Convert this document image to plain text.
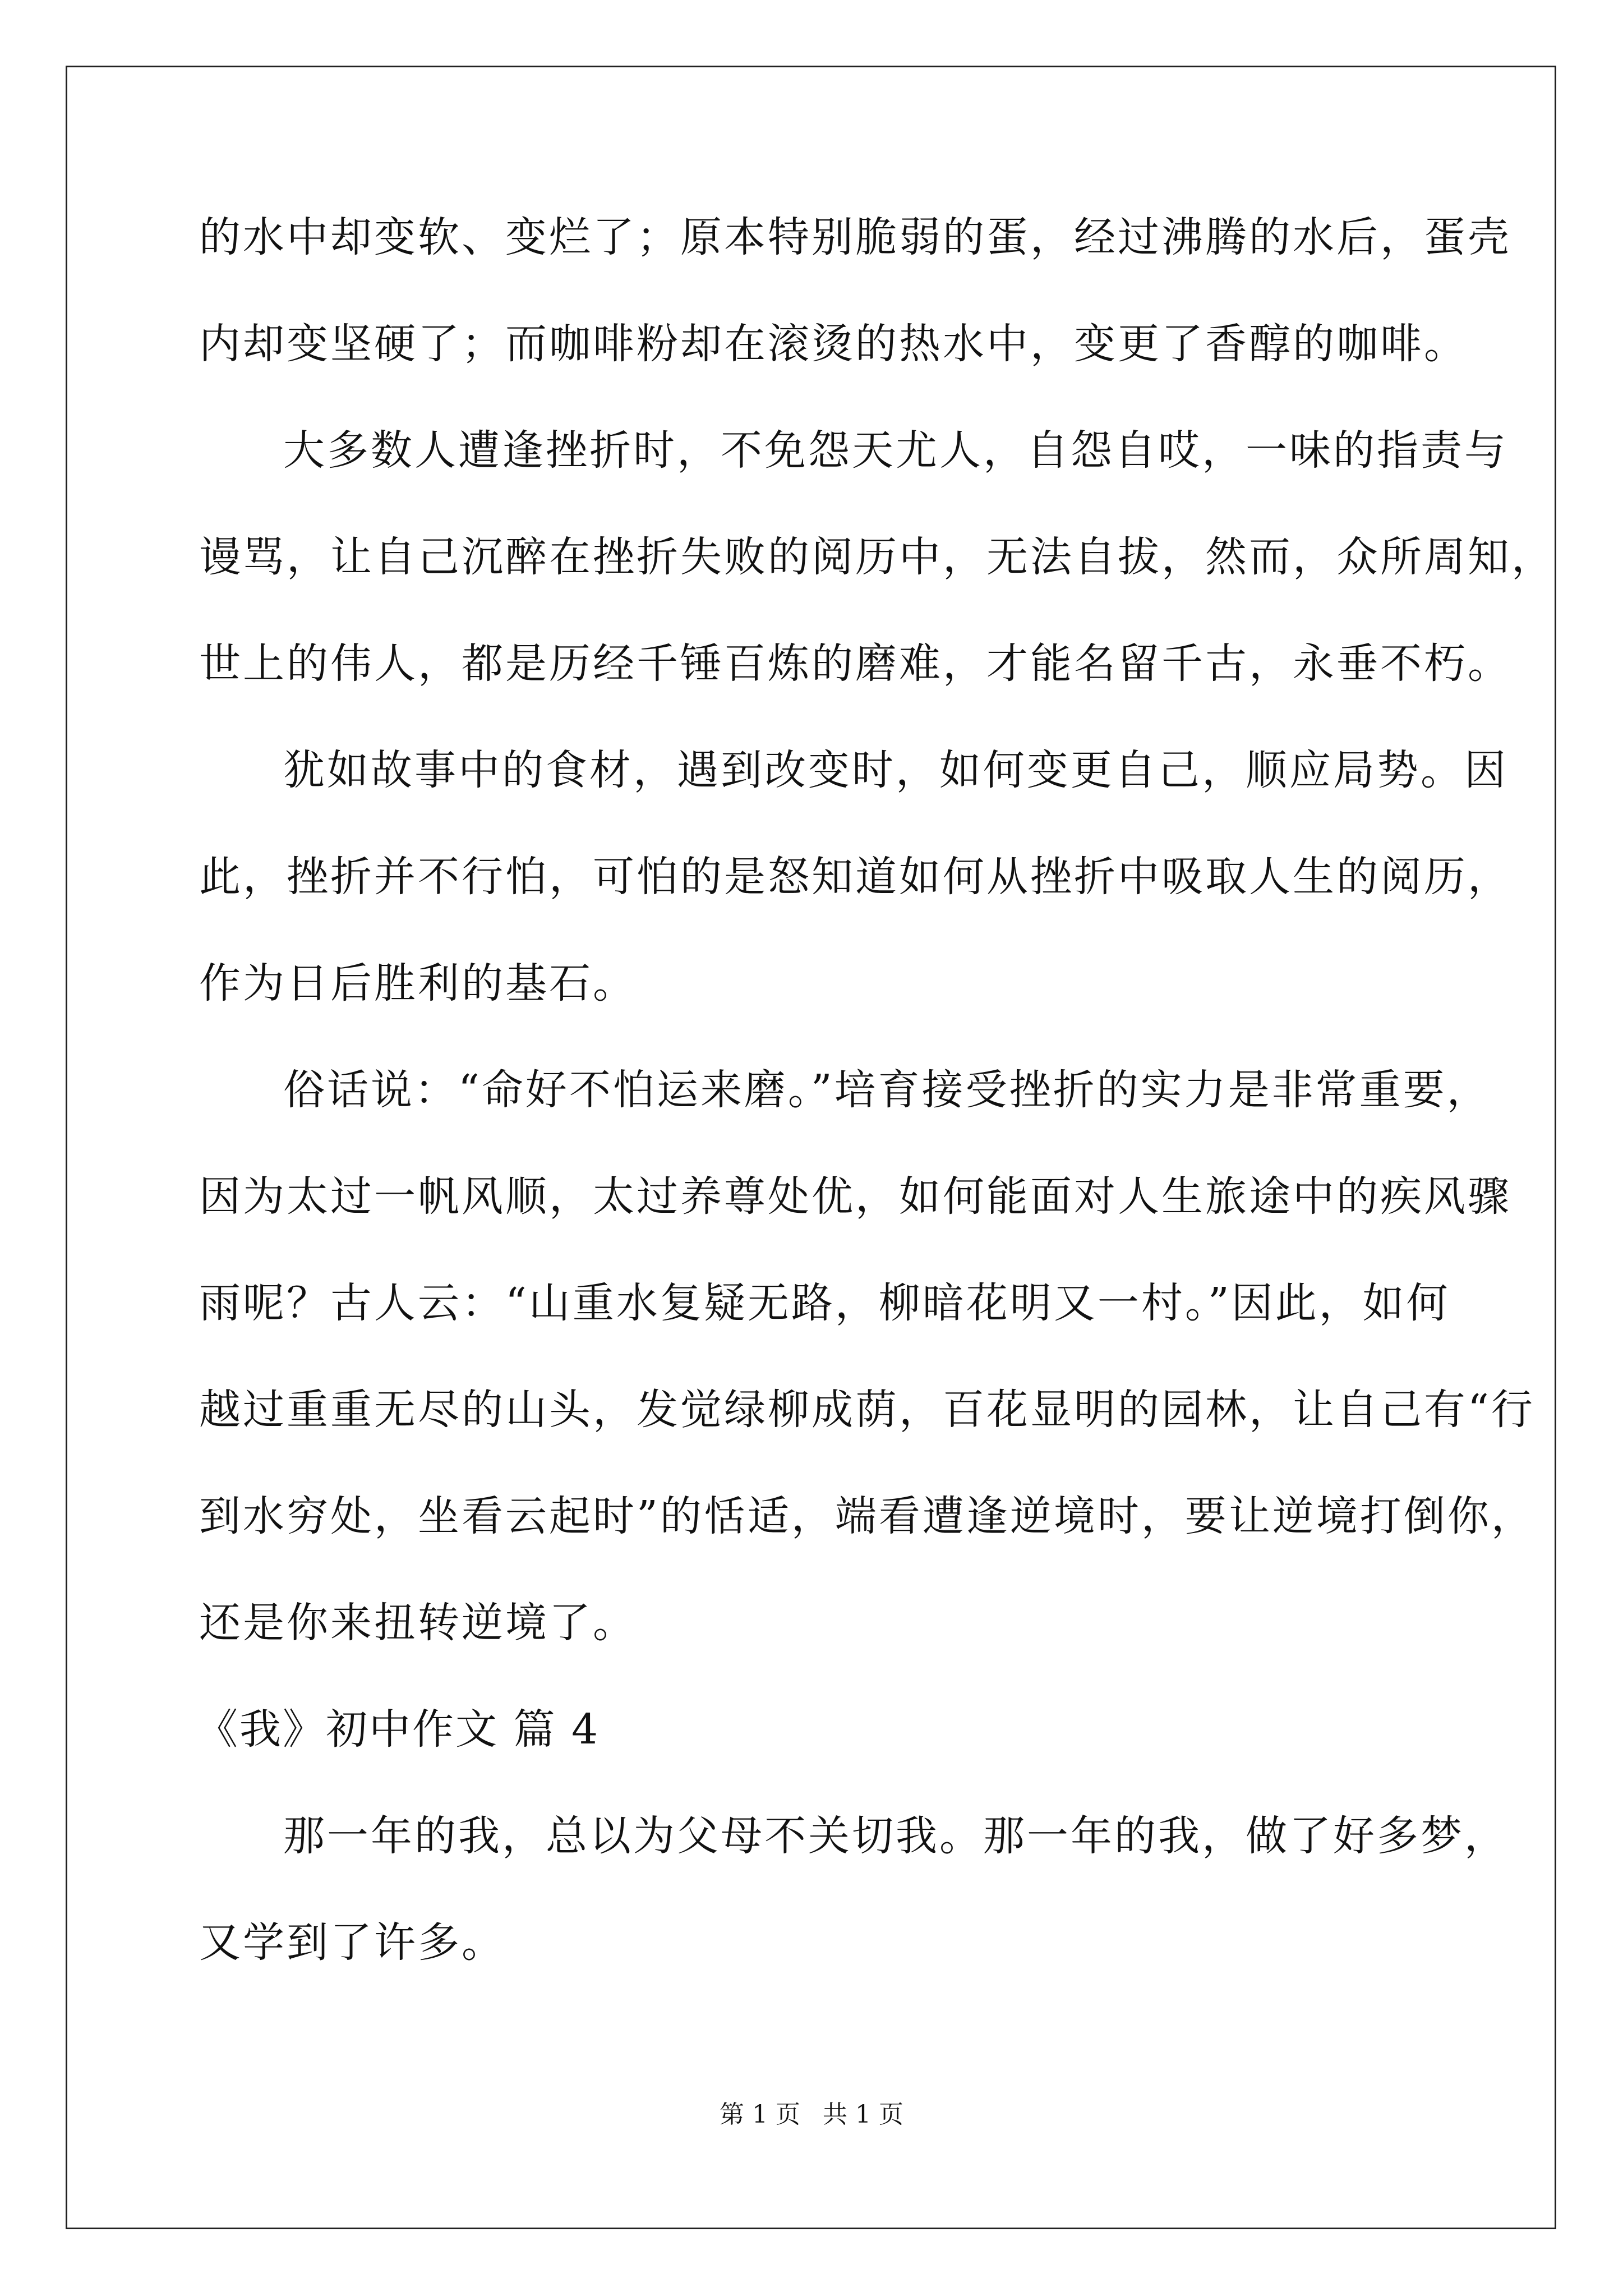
的水中却变软、变烂了；原本特别脆弱的蛋，经过沸腾的水后，蛋壳
内却变坚硬了；而咖啡粉却在滚烫的热水中，变更了香醇的咖啡。
大多数人遭逢挫折时，不免怨天尤人，自怨自哎，一味的指责与
谩骂，让自己沉醉在挫折失败的阅历中，无法自拔，然而，众所周知，
世上的伟人，都是历经千锤百炼的磨难，才能名留千古，永垂不朽。
犹如故事中的食材，遇到改变时，如何变更自己，顺应局势。因
此，挫折并不行怕，可怕的是怒知道如何从挫折中吸取人生的阅历，
作为日后胜利的基石。
俗话说：“命好不怕运来磨。”培育接受挫折的实力是非常重要，
因为太过一帆风顺，太过养尊处优，如何能面对人生旅途中的疾风骤
雨呢？古人云：“山重水复疑无路，柳暗花明又一村。”因此，如何
越过重重无尽的山头，发觉绿柳成荫，百花显明的园林，让自己有“行
到水穷处，坐看云起时”的恬适，端看遭逢逆境时，要让逆境打倒你，
还是你来扭转逆境了。
《我》初中作文 篇 4
那一年的我，总以为父母不关切我。那一年的我，做了好多梦，
又学到了许多。
第 1 页 共 1 页
